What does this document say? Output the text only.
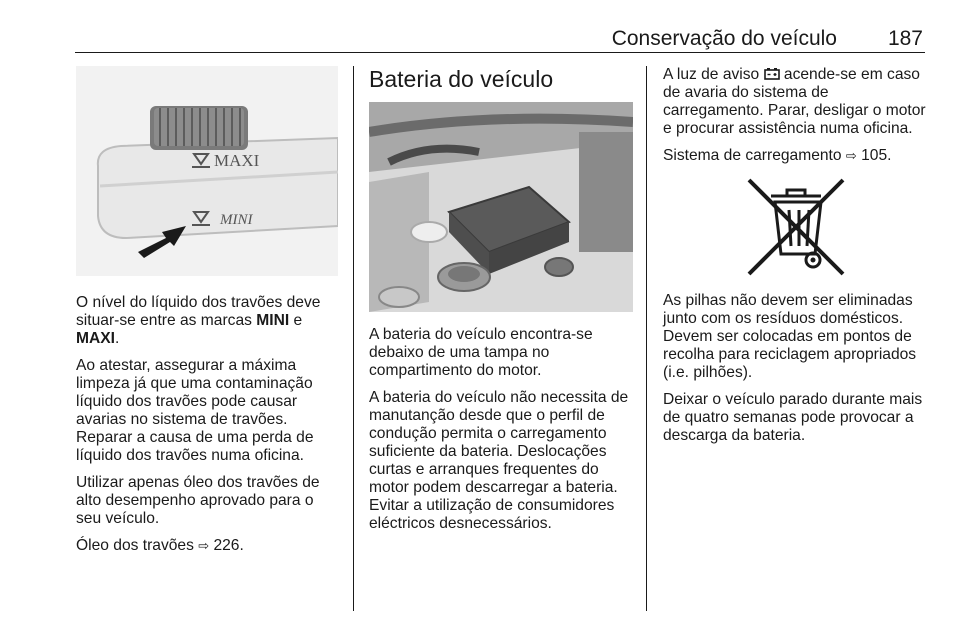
Conservação do veículo 187
MAXI
MINI

O nível do líquido dos travões deve situar-se entre as marcas MINI e MAXI.

Ao atestar, assegurar a máxima limpeza já que uma contaminação líquido dos travões pode causar avarias no sistema de travões. Reparar a causa de uma perda de líquido dos travões numa oficina.

Utilizar apenas óleo dos travões de alto desempenho aprovado para o seu veículo.

Óleo dos travões ⇨ 226.

Bateria do veículo

A bateria do veículo encontra-se debaixo de uma tampa no compartimento do motor.

A bateria do veículo não necessita de manutanção desde que o perfil de condução permita o carregamento suficiente da bateria. Deslocações curtas e arranques frequentes do motor podem descarregar a bateria. Evitar a utilização de consumidores eléctricos desnecessários.

A luz de aviso  acende-se em caso de avaria do sistema de carregamento. Parar, desligar o motor e procurar assistência numa oficina.

Sistema de carregamento ⇨ 105.

As pilhas não devem ser eliminadas junto com os resíduos domésticos. Devem ser colocadas em pontos de recolha para reciclagem apropriados (i.e. pilhões).

Deixar o veículo parado durante mais de quatro semanas pode provocar a descarga da bateria.
